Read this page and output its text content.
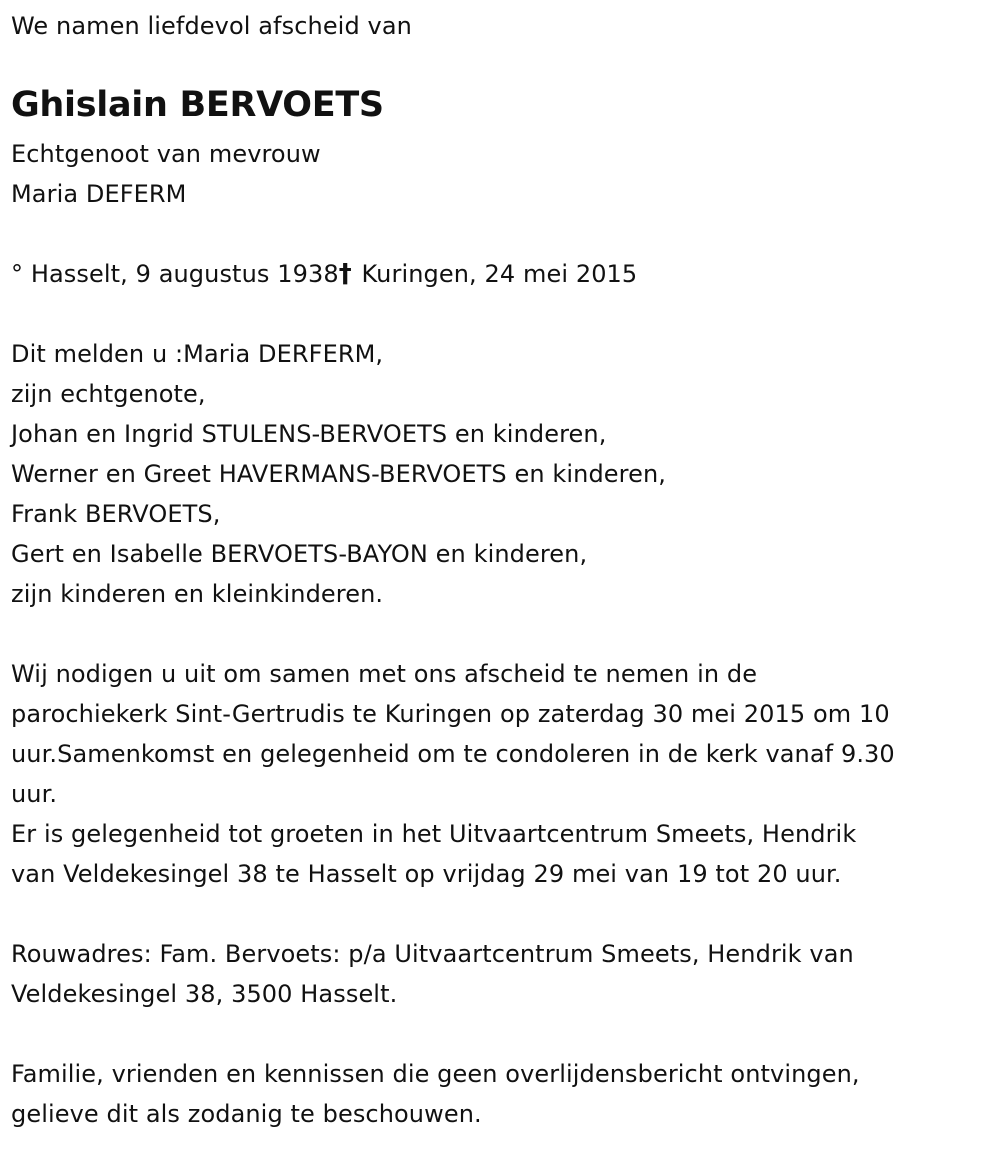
We namen liefdevol afscheid van
Ghislain BERVOETS
Echtgenoot van mevrouw
Maria DEFERM
° Hasselt, 9 augustus 1938† Kuringen, 24 mei 2015
Dit melden u :Maria DERFERM,
zijn echtgenote,
Johan en Ingrid STULENS-BERVOETS en kinderen,
Werner en Greet HAVERMANS-BERVOETS en kinderen,
Frank BERVOETS,
Gert en Isabelle BERVOETS-BAYON en kinderen,
zijn kinderen en kleinkinderen.
Wij nodigen u uit om samen met ons afscheid te nemen in de
parochiekerk Sint-Gertrudis te Kuringen op zaterdag 30 mei 2015 om 10
uur.Samenkomst en gelegenheid om te condoleren in de kerk vanaf 9.30
uur.
Er is gelegenheid tot groeten in het Uitvaartcentrum Smeets, Hendrik
van Veldekesingel 38 te Hasselt op vrijdag 29 mei van 19 tot 20 uur.
Rouwadres: Fam. Bervoets: p/a Uitvaartcentrum Smeets, Hendrik van
Veldekesingel 38, 3500 Hasselt.
Familie, vrienden en kennissen die geen overlijdensbericht ontvingen,
gelieve dit als zodanig te beschouwen.
